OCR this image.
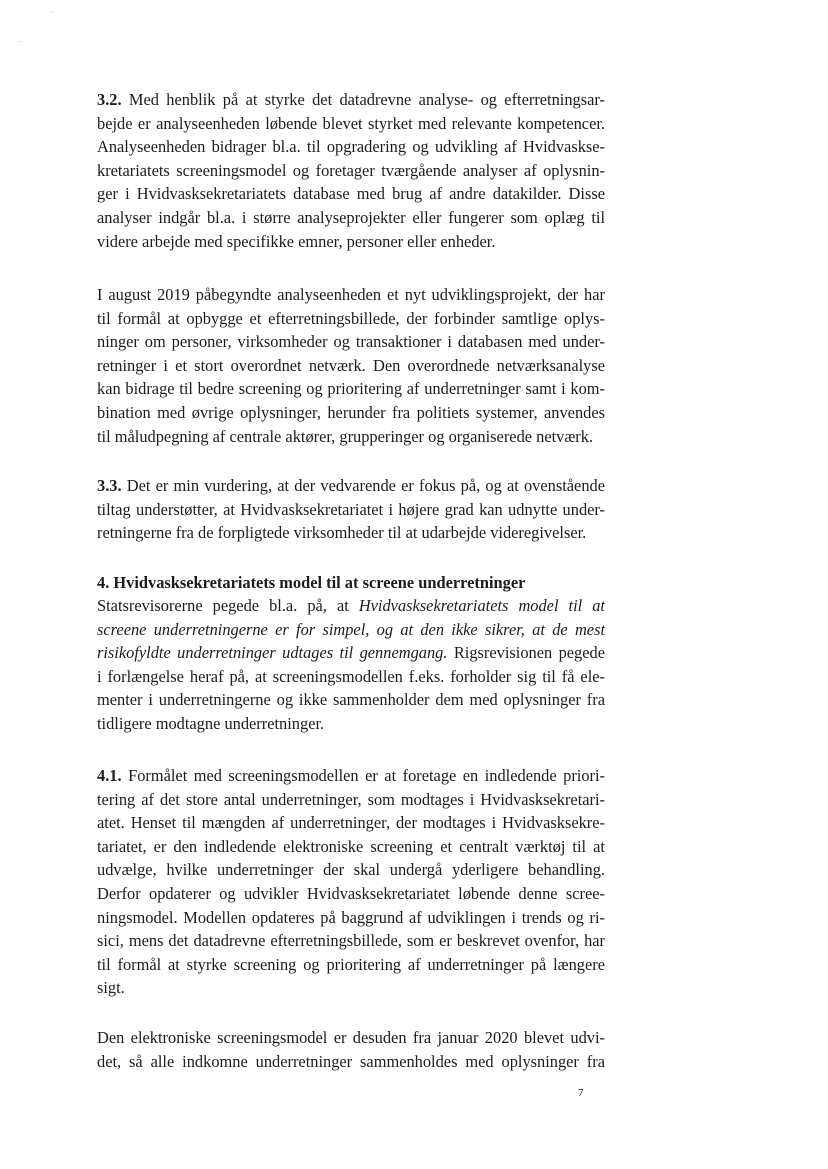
3.2. Med henblik på at styrke det datadrevne analyse- og efterretningsar-
bejde er analyseenheden løbende blevet styrket med relevante kompetencer.
Analyseenheden bidrager bl.a. til opgradering og udvikling af Hvidvaskse-
kretariatets screeningsmodel og foretager tværgående analyser af oplysnin-
ger i Hvidvasksekretariatets database med brug af andre datakilder. Disse
analyser indgår bl.a. i større analyseprojekter eller fungerer som oplæg til
videre arbejde med specifikke emner, personer eller enheder.
I august 2019 påbegyndte analyseenheden et nyt udviklingsprojekt, der har
til formål at opbygge et efterretningsbillede, der forbinder samtlige oplys-
ninger om personer, virksomheder og transaktioner i databasen med under-
retninger i et stort overordnet netværk. Den overordnede netværksanalyse
kan bidrage til bedre screening og prioritering af underretninger samt i kom-
bination med øvrige oplysninger, herunder fra politiets systemer, anvendes
til måludpegning af centrale aktører, grupperinger og organiserede netværk.
3.3. Det er min vurdering, at der vedvarende er fokus på, og at ovenstående
tiltag understøtter, at Hvidvasksekretariatet i højere grad kan udnytte under-
retningerne fra de forpligtede virksomheder til at udarbejde videregivelser.
4. Hvidvasksekretariatets model til at screene underretninger
Statsrevisorerne pegede bl.a. på, at Hvidvasksekretariatets model til at
screene underretningerne er for simpel, og at den ikke sikrer, at de mest
risikofyldte underretninger udtages til gennemgang. Rigsrevisionen pegede
i forlængelse heraf på, at screeningsmodellen f.eks. forholder sig til få ele-
menter i underretningerne og ikke sammenholder dem med oplysninger fra
tidligere modtagne underretninger.
4.1. Formålet med screeningsmodellen er at foretage en indledende priori-
tering af det store antal underretninger, som modtages i Hvidvasksekretari-
atet. Henset til mængden af underretninger, der modtages i Hvidvasksekre-
tariatet, er den indledende elektroniske screening et centralt værktøj til at
udvælge, hvilke underretninger der skal undergå yderligere behandling.
Derfor opdaterer og udvikler Hvidvasksekretariatet løbende denne scree-
ningsmodel. Modellen opdateres på baggrund af udviklingen i trends og ri-
sici, mens det datadrevne efterretningsbillede, som er beskrevet ovenfor, har
til formål at styrke screening og prioritering af underretninger på længere
sigt.
Den elektroniske screeningsmodel er desuden fra januar 2020 blevet udvi-
det, så alle indkomne underretninger sammenholdes med oplysninger fra
7
